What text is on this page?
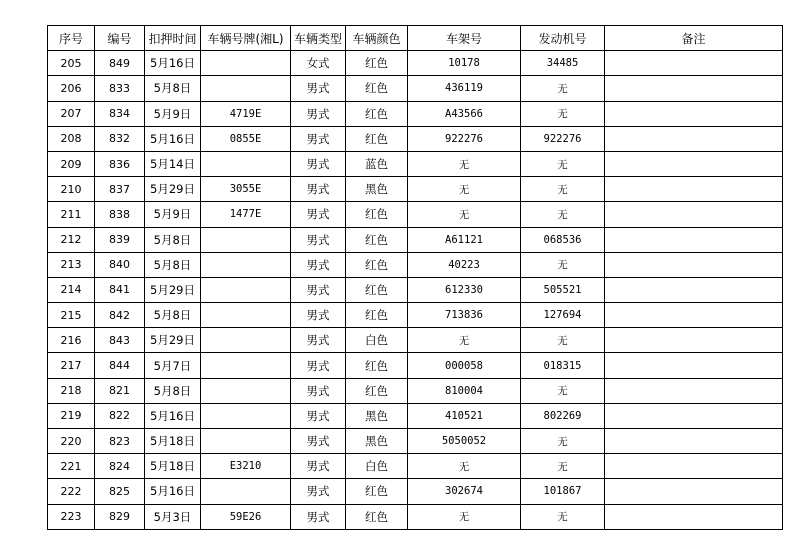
序号	编号	扣押时间	车辆号牌(湘L)	车辆类型	车辆颜色	车架号	发动机号	备注
205	849	5月16日		女式	红色	10178	34485	
206	833	5月8日		男式	红色	436119	无	
207	834	5月9日	4719E	男式	红色	A43566	无	
208	832	5月16日	0855E	男式	红色	922276	922276	
209	836	5月14日		男式	蓝色	无	无	
210	837	5月29日	3055E	男式	黑色	无	无	
211	838	5月9日	1477E	男式	红色	无	无	
212	839	5月8日		男式	红色	A61121	068536	
213	840	5月8日		男式	红色	40223	无	
214	841	5月29日		男式	红色	612330	505521	
215	842	5月8日		男式	红色	713836	127694	
216	843	5月29日		男式	白色	无	无	
217	844	5月7日		男式	红色	000058	018315	
218	821	5月8日		男式	红色	810004	无	
219	822	5月16日		男式	黑色	410521	802269	
220	823	5月18日		男式	黑色	5050052	无	
221	824	5月18日	E3210	男式	白色	无	无	
222	825	5月16日		男式	红色	302674	101867	
223	829	5月3日	59E26	男式	红色	无	无	
